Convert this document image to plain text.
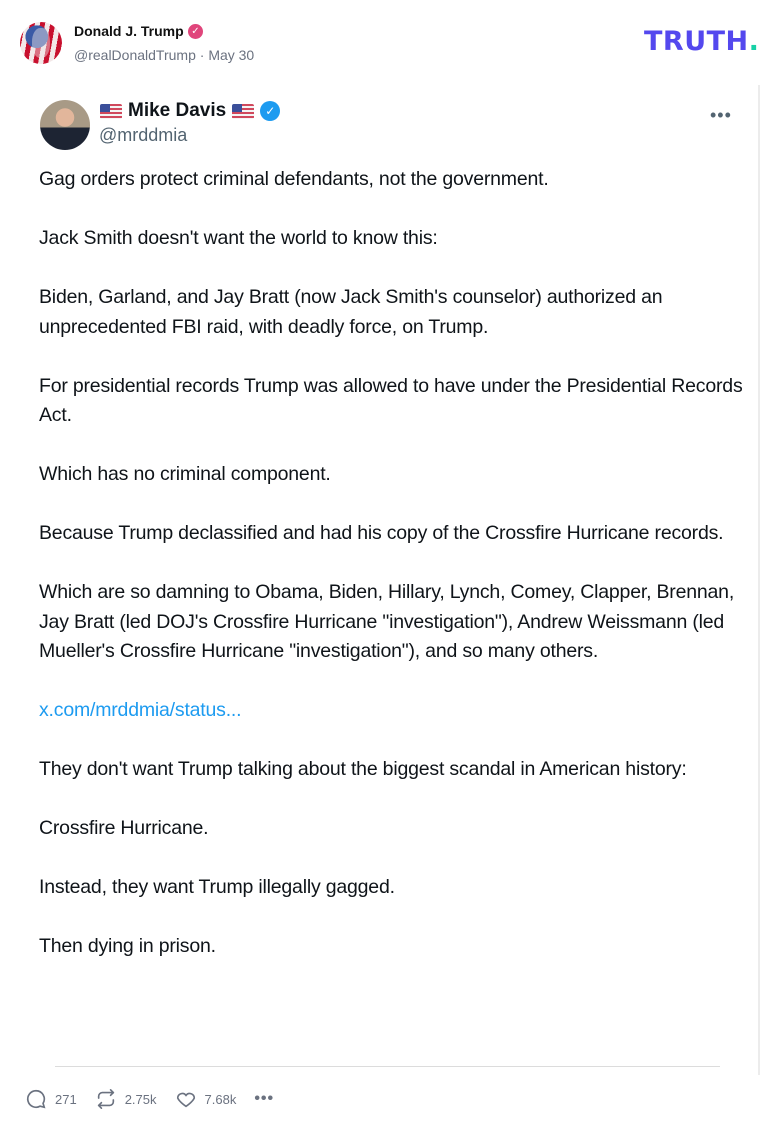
Donald J. Trump ✓
@realDonaldTrump · May 30	TRUTH.
Mike Davis	✓
@mrddmia
•••

Gag orders protect criminal defendants, not the government.

Jack Smith doesn't want the world to know this:

Biden, Garland, and Jay Bratt (now Jack Smith's counselor) authorized an unprecedented FBI raid, with deadly force, on Trump.

For presidential records Trump was allowed to have under the Presidential Records Act.

Which has no criminal component.

Because Trump declassified and had his copy of the Crossfire Hurricane records.

Which are so damning to Obama, Biden, Hillary, Lynch, Comey, Clapper, Brennan, Jay Bratt (led DOJ's Crossfire Hurricane "investigation"), Andrew Weissmann (led Mueller's Crossfire Hurricane "investigation"), and so many others.

x.com/mrddmia/status...

They don't want Trump talking about the biggest scandal in American history:

Crossfire Hurricane.

Instead, they want Trump illegally gagged.

Then dying in prison.

271	2.75k	7.68k •••
